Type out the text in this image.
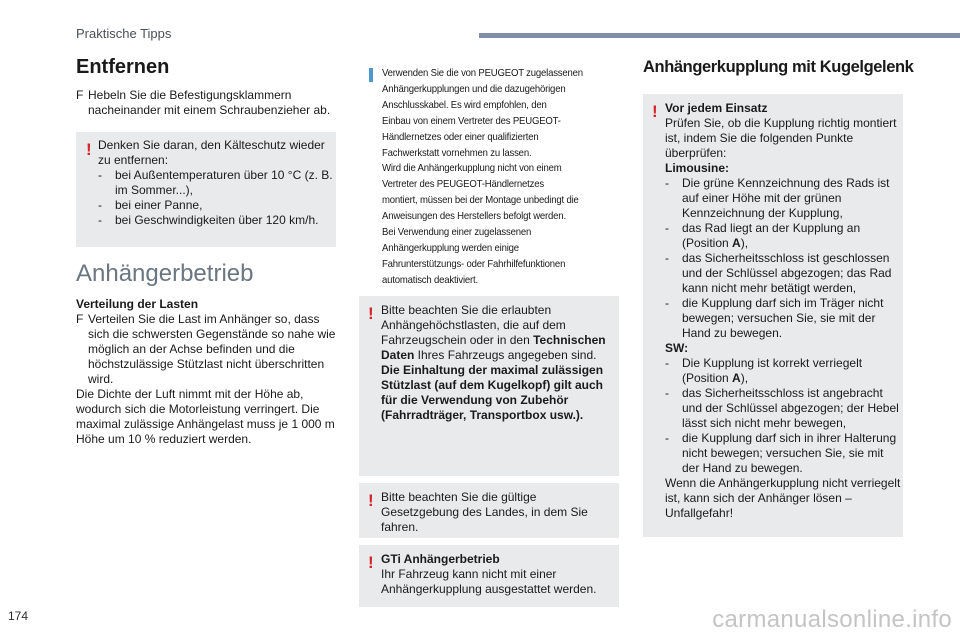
Praktische Tipps
Entfernen
F Hebeln Sie die Befestigungsklammern nacheinander mit einem Schraubenzieher ab.
! Denken Sie daran, den Kälteschutz wieder zu entfernen:
- bei Außentemperaturen über 10 °C (z. B. im Sommer...),
- bei einer Panne,
- bei Geschwindigkeiten über 120 km/h.
Anhängerbetrieb
Verteilung der Lasten
F Verteilen Sie die Last im Anhänger so, dass sich die schwersten Gegenstände so nahe wie möglich an der Achse befinden und die höchstzulässige Stützlast nicht überschritten wird.
Die Dichte der Luft nimmt mit der Höhe ab, wodurch sich die Motorleistung verringert. Die maximal zulässige Anhängelast muss je 1 000 m Höhe um 10 % reduziert werden.
Verwenden Sie die von PEUGEOT zugelassenen
Anhängerkupplungen und die dazugehörigen
Anschlusskabel. Es wird empfohlen, den
Einbau von einem Vertreter des PEUGEOT-
Händlernetzes oder einer qualifizierten
Fachwerkstatt vornehmen zu lassen.
Wird die Anhängerkupplung nicht von einem
Vertreter des PEUGEOT-Händlernetzes
montiert, müssen bei der Montage unbedingt die
Anweisungen des Herstellers befolgt werden.
Bei Verwendung einer zugelassenen
Anhängerkupplung werden einige
Fahrunterstützungs- oder Fahrhilfefunktionen
automatisch deaktiviert.
! Bitte beachten Sie die erlaubten Anhängehöchstlasten, die auf dem Fahrzeugschein oder in den Technischen Daten Ihres Fahrzeugs angegeben sind.
Die Einhaltung der maximal zulässigen Stützlast (auf dem Kugelkopf) gilt auch für die Verwendung von Zubehör (Fahrradträger, Transportbox usw.).
! Bitte beachten Sie die gültige Gesetzgebung des Landes, in dem Sie fahren.
! GTi Anhängerbetrieb
Ihr Fahrzeug kann nicht mit einer Anhängerkupplung ausgestattet werden.
Anhängerkupplung mit Kugelgelenk
! Vor jedem Einsatz
Prüfen Sie, ob die Kupplung richtig montiert ist, indem Sie die folgenden Punkte überprüfen:
Limousine:
- Die grüne Kennzeichnung des Rads ist auf einer Höhe mit der grünen Kennzeichnung der Kupplung,
- das Rad liegt an der Kupplung an (Position A),
- das Sicherheitsschloss ist geschlossen und der Schlüssel abgezogen; das Rad kann nicht mehr betätigt werden,
- die Kupplung darf sich im Träger nicht bewegen; versuchen Sie, sie mit der Hand zu bewegen.
SW:
- Die Kupplung ist korrekt verriegelt (Position A),
- das Sicherheitsschloss ist angebracht und der Schlüssel abgezogen; der Hebel lässt sich nicht mehr bewegen,
- die Kupplung darf sich in ihrer Halterung nicht bewegen; versuchen Sie, sie mit der Hand zu bewegen.
Wenn die Anhängerkupplung nicht verriegelt ist, kann sich der Anhänger lösen – Unfallgefahr!
174	carmanualsonline.info
